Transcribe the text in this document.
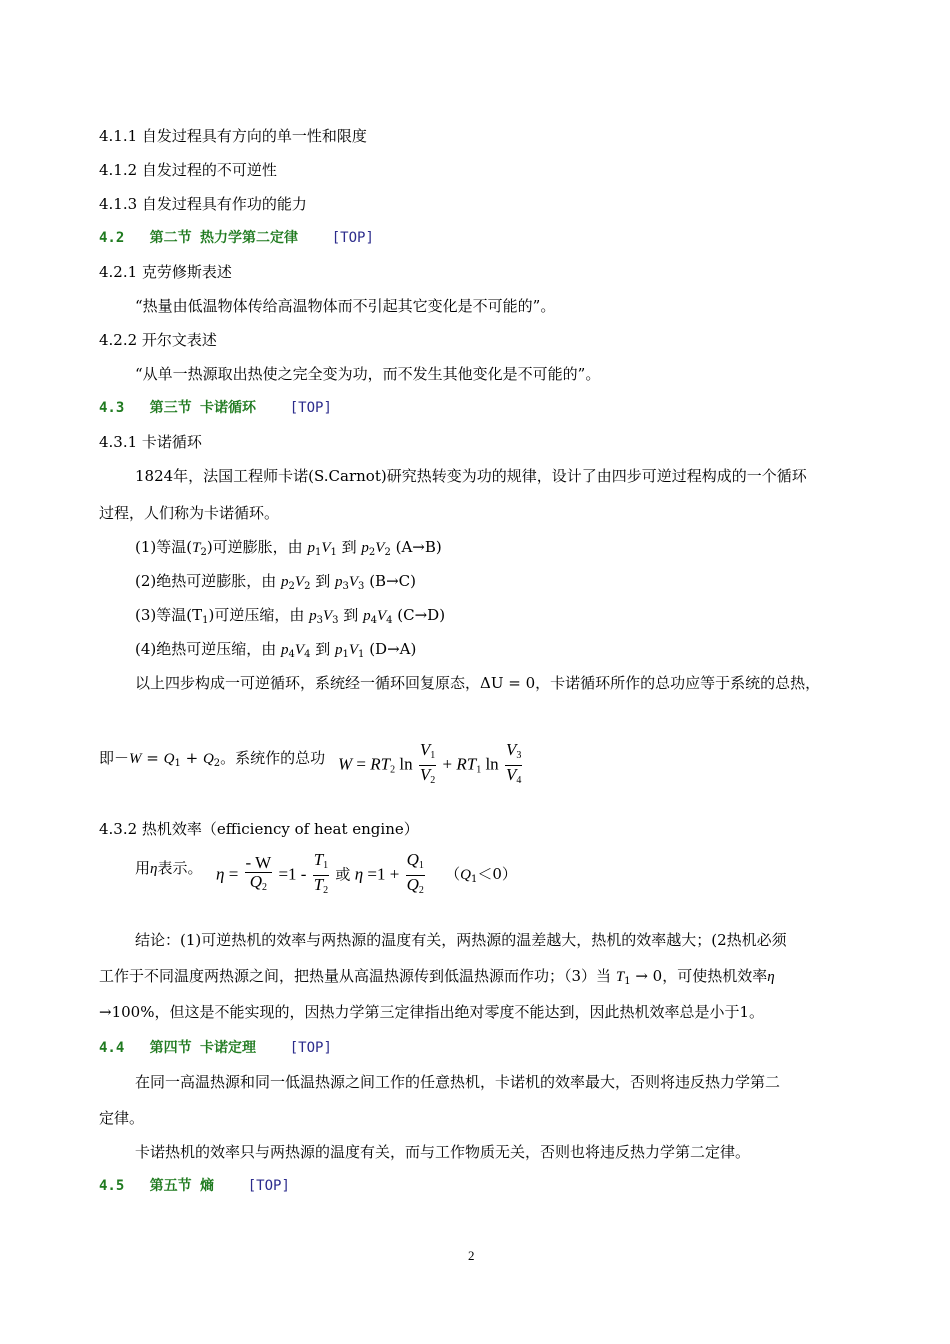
4.1.1 自发过程具有方向的单一性和限度
4.1.2 自发过程的不可逆性
4.1.3 自发过程具有作功的能力
4.2 第二节 热力学第二定律 [TOP]
4.2.1 克劳修斯表述
“热量由低温物体传给高温物体而不引起其它变化是不可能的”。
4.2.2 开尔文表述
“从单一热源取出热使之完全变为功，而不发生其他变化是不可能的”。
4.3 第三节 卡诺循环 [TOP]
4.3.1 卡诺循环
1824年，法国工程师卡诺(S.Carnot)研究热转变为功的规律，设计了由四步可逆过程构成的一个循环
过程，人们称为卡诺循环。
(1)等温$(T_2)$可逆膨胀，由 $p_1V_1$ 到 $p_2V_2$ (A→B)
(2)绝热可逆膨胀，由 $p_2V_2$ 到 $p_3V_3$ (B→C)
(3)等温$(T_1)$可逆压缩，由 $p_3V_3$ 到 $p_4V_4$ (C→D)
(4)绝热可逆压缩，由 $p_4V_4$ 到 $p_1V_1$ (D→A)
以上四步构成一可逆循环，系统经一循环回复原态，ΔU = 0，卡诺循环所作的总功应等于系统的总热，
即$-W = Q_1 + Q_2$。系统作的总功 $W = RT_2$ $\ln \frac{V_1}{V_2} + RT_1$ $\ln \frac{V_3}{V_4}$
4.3.2 热机效率（efficiency of heat engine）
用η表示。 $\eta = \frac{- W}{Q_2} =1 - \frac{T_1}{T_2}$ 或 $\eta =1 + \frac{Q_1}{Q_2} (Q_1<0)$
结论：(1)可逆热机的效率与两热源的温度有关，两热源的温差越大，热机的效率越大；(2热机必须
工作于不同温度两热源之间，把热量从高温热源传到低温热源而作功；（3）当 $T_1 \to 0$，可使热机效率η
→100%，但这是不能实现的，因热力学第三定律指出绝对零度不能达到，因此热机效率总是小于1。
4.4 第四节 卡诺定理 [TOP]
在同一高温热源和同一低温热源之间工作的任意热机，卡诺机的效率最大，否则将违反热力学第二
定律。
卡诺热机的效率只与两热源的温度有关，而与工作物质无关，否则也将违反热力学第二定律。
4.5 第五节 熵 [TOP]
2
